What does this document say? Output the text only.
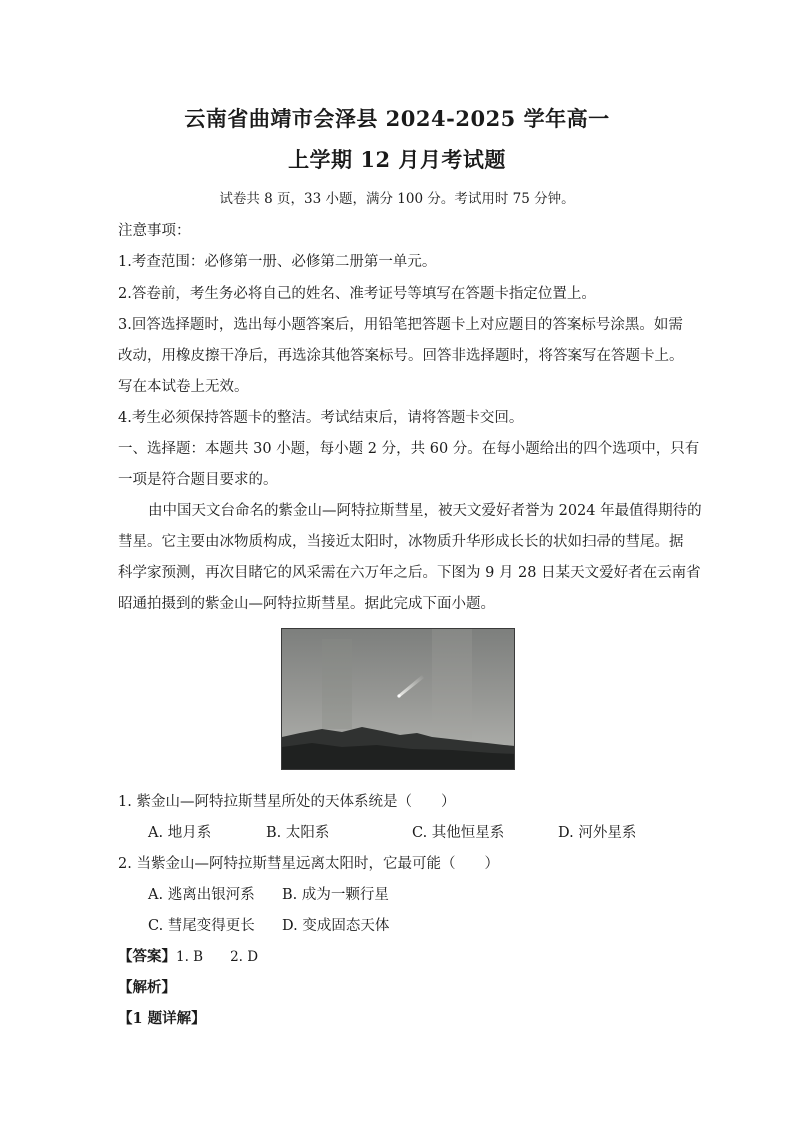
云南省曲靖市会泽县 2024-2025 学年高一
上学期 12 月月考试题
试卷共 8 页，33 小题，满分 100 分。考试用时 75 分钟。
注意事项：
1.考查范围：必修第一册、必修第二册第一单元。
2.答卷前，考生务必将自己的姓名、准考证号等填写在答题卡指定位置上。
3.回答选择题时，选出每小题答案后，用铅笔把答题卡上对应题目的答案标号涂黑。如需
改动，用橡皮擦干净后，再选涂其他答案标号。回答非选择题时，将答案写在答题卡上。
写在本试卷上无效。
4.考生必须保持答题卡的整洁。考试结束后，请将答题卡交回。
一、选择题：本题共 30 小题，每小题 2 分，共 60 分。在每小题给出的四个选项中，只有
一项是符合题目要求的。
由中国天文台命名的紫金山—阿特拉斯彗星，被天文爱好者誉为 2024 年最值得期待的
彗星。它主要由冰物质构成，当接近太阳时，冰物质升华形成长长的状如扫帚的彗尾。据
科学家预测，再次目睹它的风采需在六万年之后。下图为 9 月 28 日某天文爱好者在云南省
昭通拍摄到的紫金山—阿特拉斯彗星。据此完成下面小题。
1. 紫金山—阿特拉斯彗星所处的天体系统是（　　）
A. 地月系	B. 太阳系	C. 其他恒星系	D. 河外星系
2. 当紫金山—阿特拉斯彗星远离太阳时，它最可能（　　）
A. 逃离出银河系 B. 成为一颗行星
C. 彗尾变得更长 D. 变成固态天体
【答案】1. B　　2. D
【解析】
【1 题详解】
